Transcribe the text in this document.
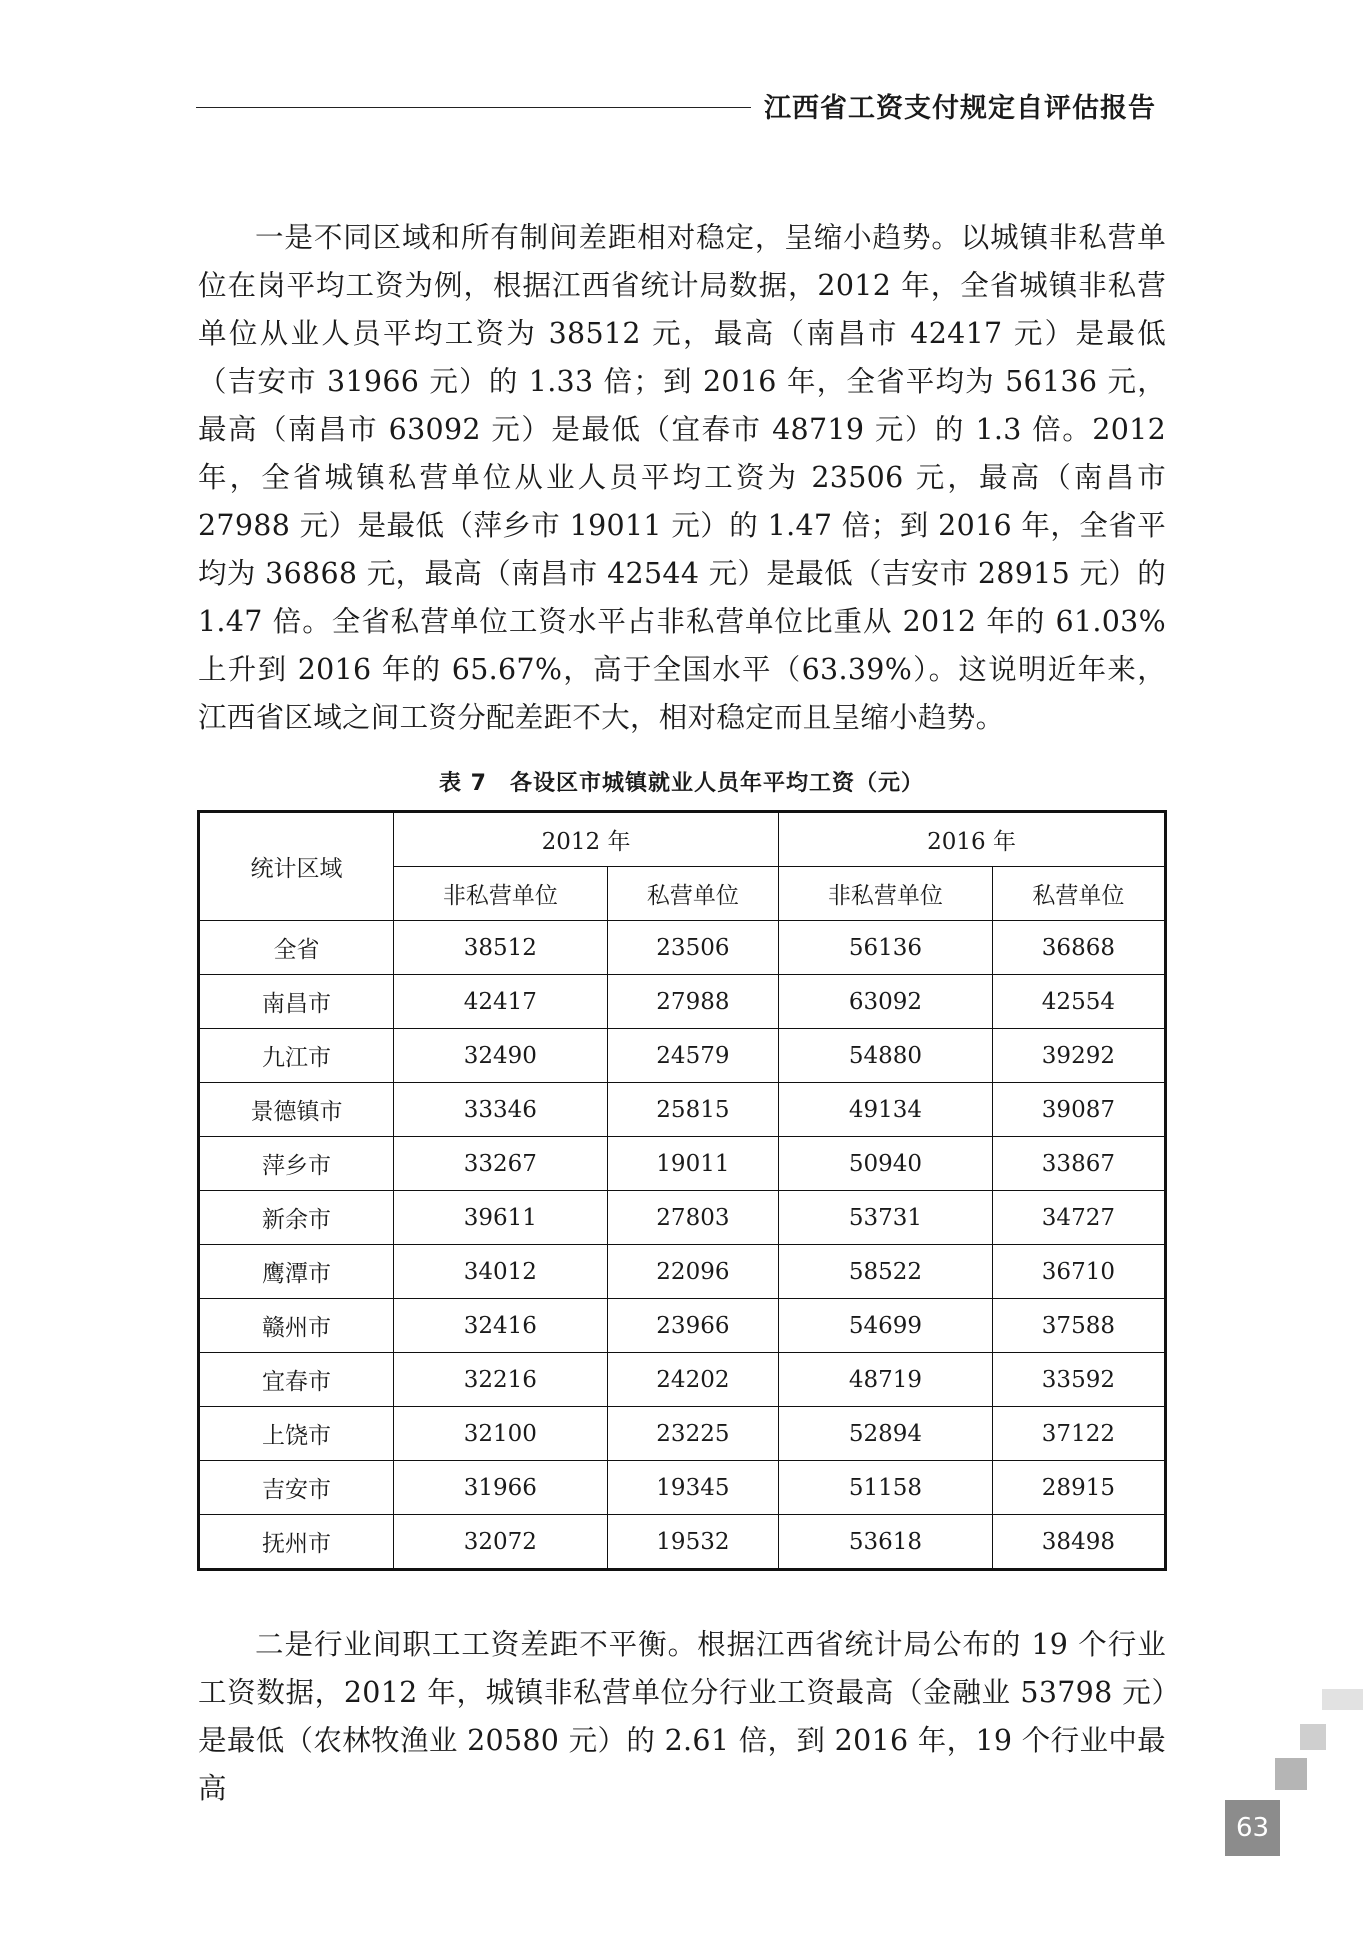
江西省工资支付规定自评估报告

一是不同区域和所有制间差距相对稳定，呈缩小趋势。以城镇非私营单位在岗平均工资为例，根据江西省统计局数据，2012 年，全省城镇非私营单位从业人员平均工资为 38512 元，最高（南昌市 42417 元）是最低（吉安市 31966 元）的 1.33 倍；到 2016 年，全省平均为 56136 元，最高（南昌市 63092 元）是最低（宜春市 48719 元）的 1.3 倍。2012 年，全省城镇私营单位从业人员平均工资为 23506 元，最高（南昌市 27988 元）是最低（萍乡市 19011 元）的 1.47 倍；到 2016 年，全省平均为 36868 元，最高（南昌市 42544 元）是最低（吉安市 28915 元）的 1.47 倍。全省私营单位工资水平占非私营单位比重从 2012 年的 61.03% 上升到 2016 年的 65.67%，高于全国水平（63.39%）。这说明近年来，江西省区域之间工资分配差距不大，相对稳定而且呈缩小趋势。

表 7　各设区市城镇就业人员年平均工资（元）
统计区域	2012 年		2016 年	
	非私营单位	私营单位	非私营单位	私营单位
全省	38512	23506	56136	36868
南昌市	42417	27988	63092	42554
九江市	32490	24579	54880	39292
景德镇市	33346	25815	49134	39087
萍乡市	33267	19011	50940	33867
新余市	39611	27803	53731	34727
鹰潭市	34012	22096	58522	36710
赣州市	32416	23966	54699	37588
宜春市	32216	24202	48719	33592
上饶市	32100	23225	52894	37122
吉安市	31966	19345	51158	28915
抚州市	32072	19532	53618	38498

二是行业间职工工资差距不平衡。根据江西省统计局公布的 19 个行业工资数据，2012 年，城镇非私营单位分行业工资最高（金融业 53798 元）是最低（农林牧渔业 20580 元）的 2.61 倍，到 2016 年，19 个行业中最高

63
